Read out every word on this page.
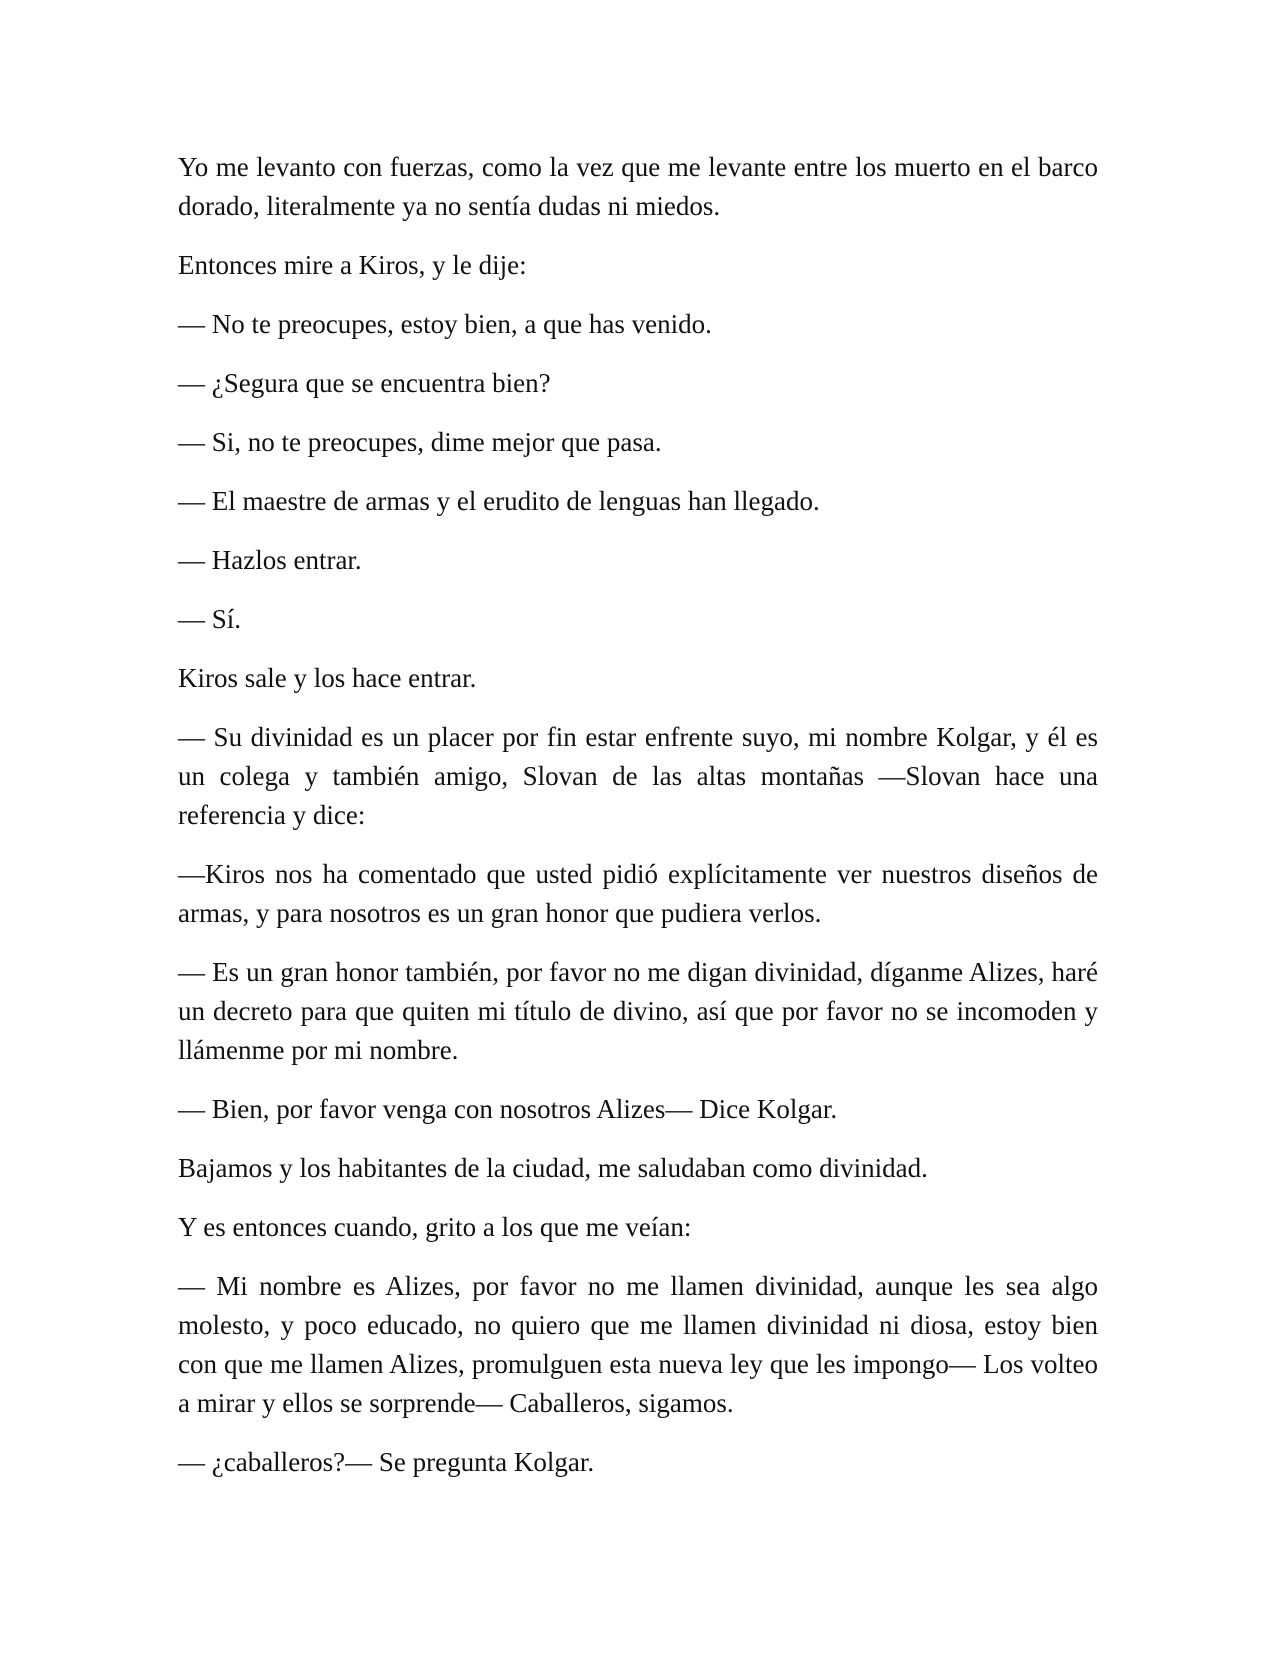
Yo me levanto con fuerzas, como la vez que me levante entre los muerto en el barco dorado, literalmente ya no sentía dudas ni miedos.

Entonces mire a Kiros, y le dije:

— No te preocupes, estoy bien, a que has venido.

— ¿Segura que se encuentra bien?

— Si, no te preocupes, dime mejor que pasa.

— El maestre de armas y el erudito de lenguas han llegado.

— Hazlos entrar.

— Sí.

Kiros sale y los hace entrar.

— Su divinidad es un placer por fin estar enfrente suyo, mi nombre Kolgar, y él es un colega y también amigo, Slovan de las altas montañas —Slovan hace una referencia y dice:

—Kiros nos ha comentado que usted pidió explícitamente ver nuestros diseños de armas, y para nosotros es un gran honor que pudiera verlos.

— Es un gran honor también, por favor no me digan divinidad, díganme Alizes, haré un decreto para que quiten mi título de divino, así que por favor no se incomoden y llámenme por mi nombre.

— Bien, por favor venga con nosotros Alizes— Dice Kolgar.

Bajamos y los habitantes de la ciudad, me saludaban como divinidad.

Y es entonces cuando, grito a los que me veían:

— Mi nombre es Alizes, por favor no me llamen divinidad, aunque les sea algo molesto, y poco educado, no quiero que me llamen divinidad ni diosa, estoy bien con que me llamen Alizes, promulguen esta nueva ley que les impongo— Los volteo a mirar y ellos se sorprende— Caballeros, sigamos.

— ¿caballeros?— Se pregunta Kolgar.
